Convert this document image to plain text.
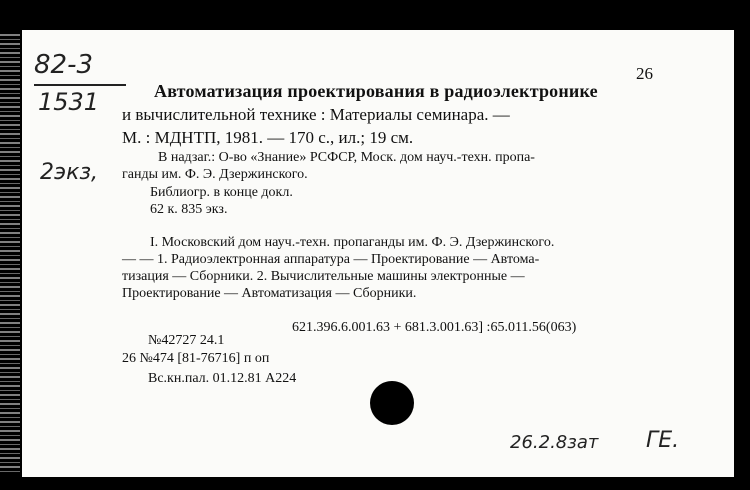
82-3
1531
2экз,
26
Автоматизация проектирования в радиоэлектронике
и вычислительной технике : Материалы семинара. —
М. : МДНТП, 1981. — 170 с., ил.; 19 см.
В надзаг.: О-во «Знание» РСФСР, Моск. дом науч.-техн. пропа-
ганды им. Ф. Э. Дзержинского.
Библиогр. в конце докл.
62 к. 835 экз.
I. Московский дом науч.-техн. пропаганды им. Ф. Э. Дзержинского.
— — 1. Радиоэлектронная аппаратура — Проектирование — Автома-
тизация — Сборники. 2. Вычислительные машины электронные —
Проектирование — Автоматизация — Сборники.
621.396.6.001.63 + 681.3.001.63] :65.011.56(063)
№42727 24.1
26 №474 [81-76716] п оп
Вс.кн.пал. 01.12.81 А224
26.2.8зат ГЕ.
